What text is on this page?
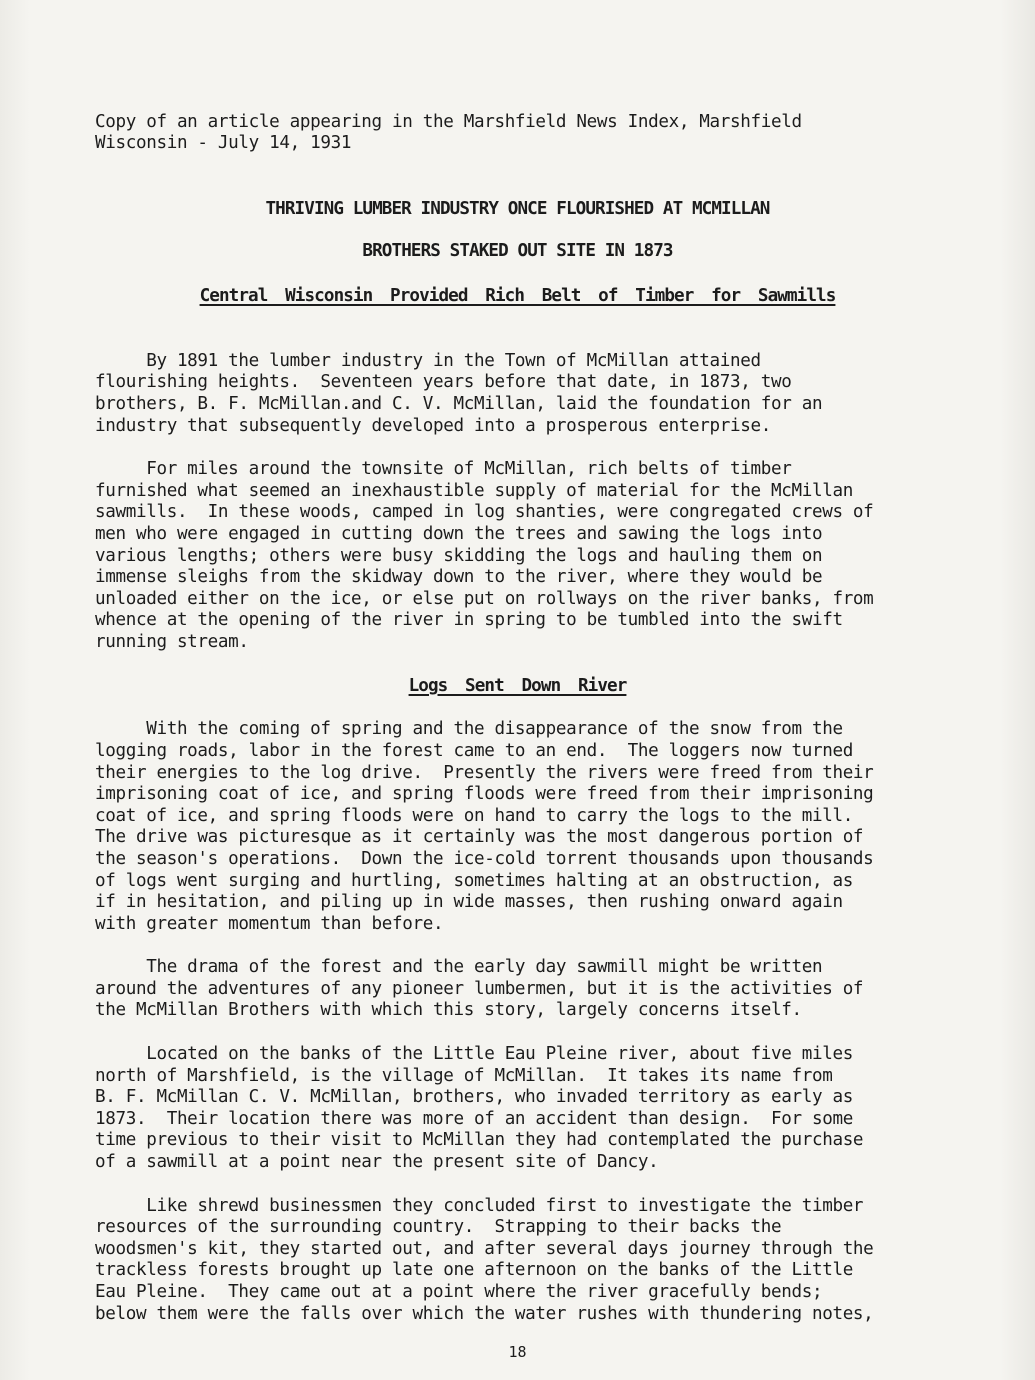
Copy of an article appearing in the Marshfield News Index, Marshfield
Wisconsin - July 14, 1931
THRIVING LUMBER INDUSTRY ONCE FLOURISHED AT MCMILLAN
BROTHERS STAKED OUT SITE IN 1873
Central Wisconsin Provided Rich Belt of Timber for Sawmills
By 1891 the lumber industry in the Town of McMillan attained
flourishing heights.  Seventeen years before that date, in 1873, two
brothers, B. F. McMillan.and C. V. McMillan, laid the foundation for an
industry that subsequently developed into a prosperous enterprise.
For miles around the townsite of McMillan, rich belts of timber
furnished what seemed an inexhaustible supply of material for the McMillan
sawmills.  In these woods, camped in log shanties, were congregated crews of
men who were engaged in cutting down the trees and sawing the logs into
various lengths; others were busy skidding the logs and hauling them on
immense sleighs from the skidway down to the river, where they would be
unloaded either on the ice, or else put on rollways on the river banks, from
whence at the opening of the river in spring to be tumbled into the swift
running stream.
Logs Sent Down River
With the coming of spring and the disappearance of the snow from the
logging roads, labor in the forest came to an end.  The loggers now turned
their energies to the log drive.  Presently the rivers were freed from their
imprisoning coat of ice, and spring floods were freed from their imprisoning
coat of ice, and spring floods were on hand to carry the logs to the mill.
The drive was picturesque as it certainly was the most dangerous portion of
the season's operations.  Down the ice-cold torrent thousands upon thousands
of logs went surging and hurtling, sometimes halting at an obstruction, as
if in hesitation, and piling up in wide masses, then rushing onward again
with greater momentum than before.
The drama of the forest and the early day sawmill might be written
around the adventures of any pioneer lumbermen, but it is the activities of
the McMillan Brothers with which this story, largely concerns itself.
Located on the banks of the Little Eau Pleine river, about five miles
north of Marshfield, is the village of McMillan.  It takes its name from
B. F. McMillan C. V. McMillan, brothers, who invaded territory as early as
1873.  Their location there was more of an accident than design.  For some
time previous to their visit to McMillan they had contemplated the purchase
of a sawmill at a point near the present site of Dancy.
Like shrewd businessmen they concluded first to investigate the timber
resources of the surrounding country.  Strapping to their backs the
woodsmen's kit, they started out, and after several days journey through the
trackless forests brought up late one afternoon on the banks of the Little
Eau Pleine.  They came out at a point where the river gracefully bends;
below them were the falls over which the water rushes with thundering notes,
18
